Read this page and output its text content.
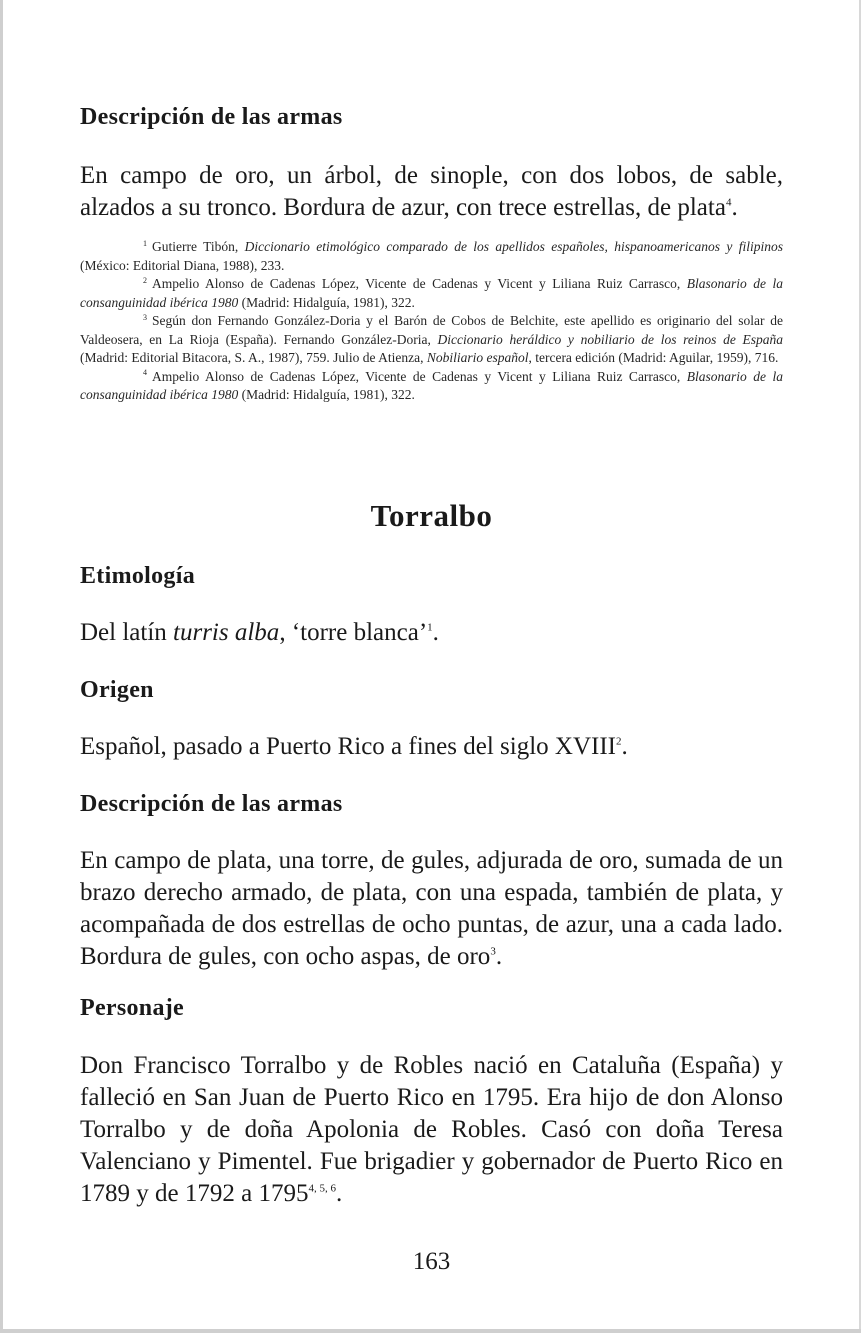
Descripción de las armas

En campo de oro, un árbol, de sinople, con dos lobos, de sable, alzados a su tronco. Bordura de azur, con trece estrellas, de plata$^4$.

$^1$ Gutierre Tibón, Diccionario etimológico comparado de los apellidos españoles, hispanoamericanos y filipinos (México: Editorial Diana, 1988), 233.

$^2$ Ampelio Alonso de Cadenas López, Vicente de Cadenas y Vicent y Liliana Ruiz Carrasco, Blasonario de la consanguinidad ibérica 1980 (Madrid: Hidalguía, 1981), 322.

$^3$ Según don Fernando González-Doria y el Barón de Cobos de Belchite, este apellido es originario del solar de Valdeosera, en La Rioja (España). Fernando González-Doria, Diccionario heráldico y nobiliario de los reinos de España (Madrid: Editorial Bitacora, S. A., 1987), 759. Julio de Atienza, Nobiliario español, tercera edición (Madrid: Aguilar, 1959), 716.

$^4$ Ampelio Alonso de Cadenas López, Vicente de Cadenas y Vicent y Liliana Ruiz Carrasco, Blasonario de la consanguinidad ibérica 1980 (Madrid: Hidalguía, 1981), 322.

Torralbo
Etimología

Del latín turris alba, ‘torre blanca’$^1$.

Origen

Español, pasado a Puerto Rico a fines del siglo XVIII$^2$.

Descripción de las armas

En campo de plata, una torre, de gules, adjurada de oro, sumada de un brazo derecho armado, de plata, con una espada, también de plata, y acompañada de dos estrellas de ocho puntas, de azur, una a cada lado. Bordura de gules, con ocho aspas, de oro$^3$.

Personaje

Don Francisco Torralbo y de Robles nació en Cataluña (España) y falleció en San Juan de Puerto Rico en 1795. Era hijo de don Alonso Torralbo y de doña Apolonia de Robles. Casó con doña Teresa Valenciano y Pimentel. Fue brigadier y gobernador de Puerto Rico en 1789 y de 1792 a 1795$^{4, 5, 6}$.

163
